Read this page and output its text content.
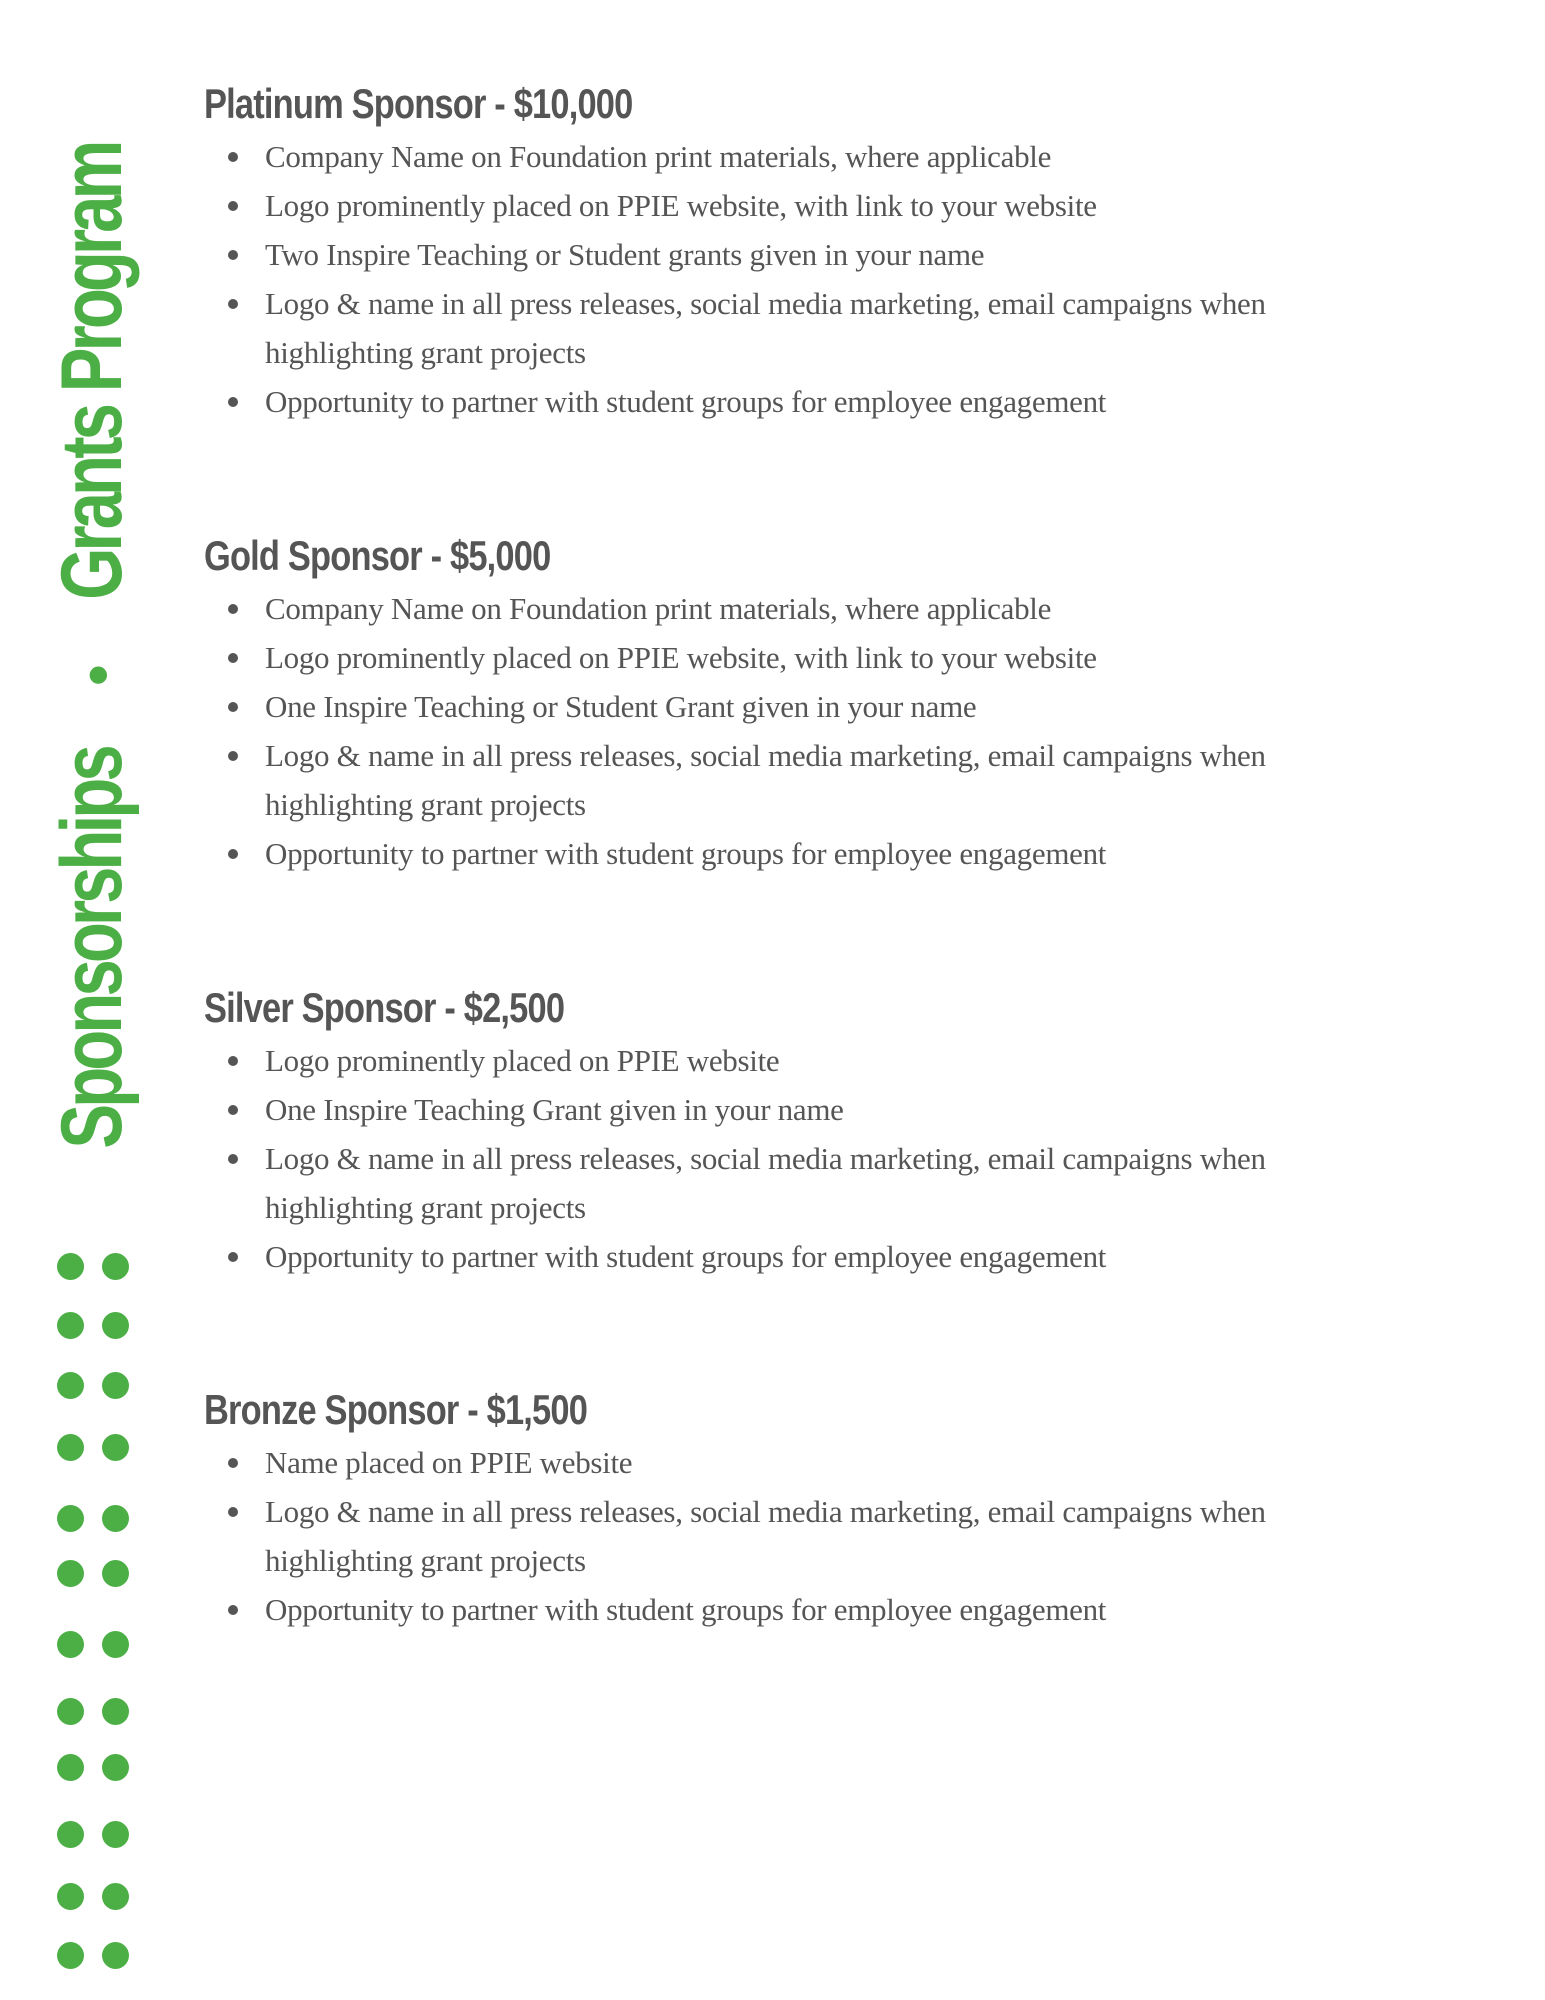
Sponsorships•Grants Program
Platinum Sponsor - $10,000
Company Name on Foundation print materials, where applicable
Logo prominently placed on PPIE website, with link to your website
Two Inspire Teaching or Student grants given in your name
Logo & name in all press releases, social media marketing, email campaigns when highlighting grant projects
Opportunity to partner with student groups for employee engagement
Gold Sponsor - $5,000
Company Name on Foundation print materials, where applicable
Logo prominently placed on PPIE website, with link to your website
One Inspire Teaching or Student Grant given in your name
Logo & name in all press releases, social media marketing, email campaigns when highlighting grant projects
Opportunity to partner with student groups for employee engagement
Silver Sponsor - $2,500
Logo prominently placed on PPIE website
One Inspire Teaching Grant given in your name
Logo & name in all press releases, social media marketing, email campaigns when highlighting grant projects
Opportunity to partner with student groups for employee engagement
Bronze Sponsor - $1,500
Name placed on PPIE website
Logo & name in all press releases, social media marketing, email campaigns when highlighting grant projects
Opportunity to partner with student groups for employee engagement
